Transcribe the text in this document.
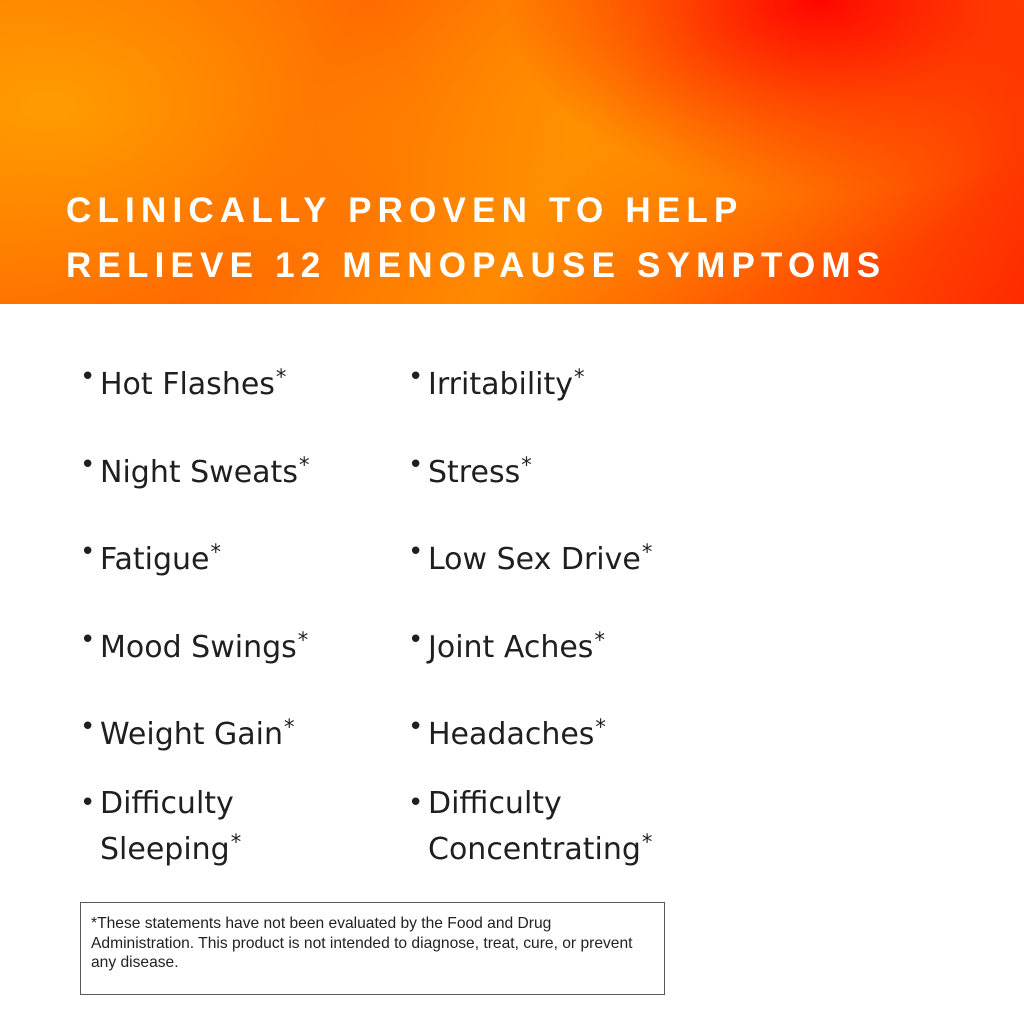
CLINICALLY PROVEN TO HELP
RELIEVE 12 MENOPAUSE SYMPTOMS
• Hot Flashes*
• Night Sweats*
• Fatigue*
• Mood Swings*
• Weight Gain*
• Difficulty
Sleeping*
• Irritability*
• Stress*
• Low Sex Drive*
• Joint Aches*
• Headaches*
• Difficulty
Concentrating*
*These statements have not been evaluated by the Food and Drug Administration. This product is not intended to diagnose, treat, cure, or prevent any disease.
